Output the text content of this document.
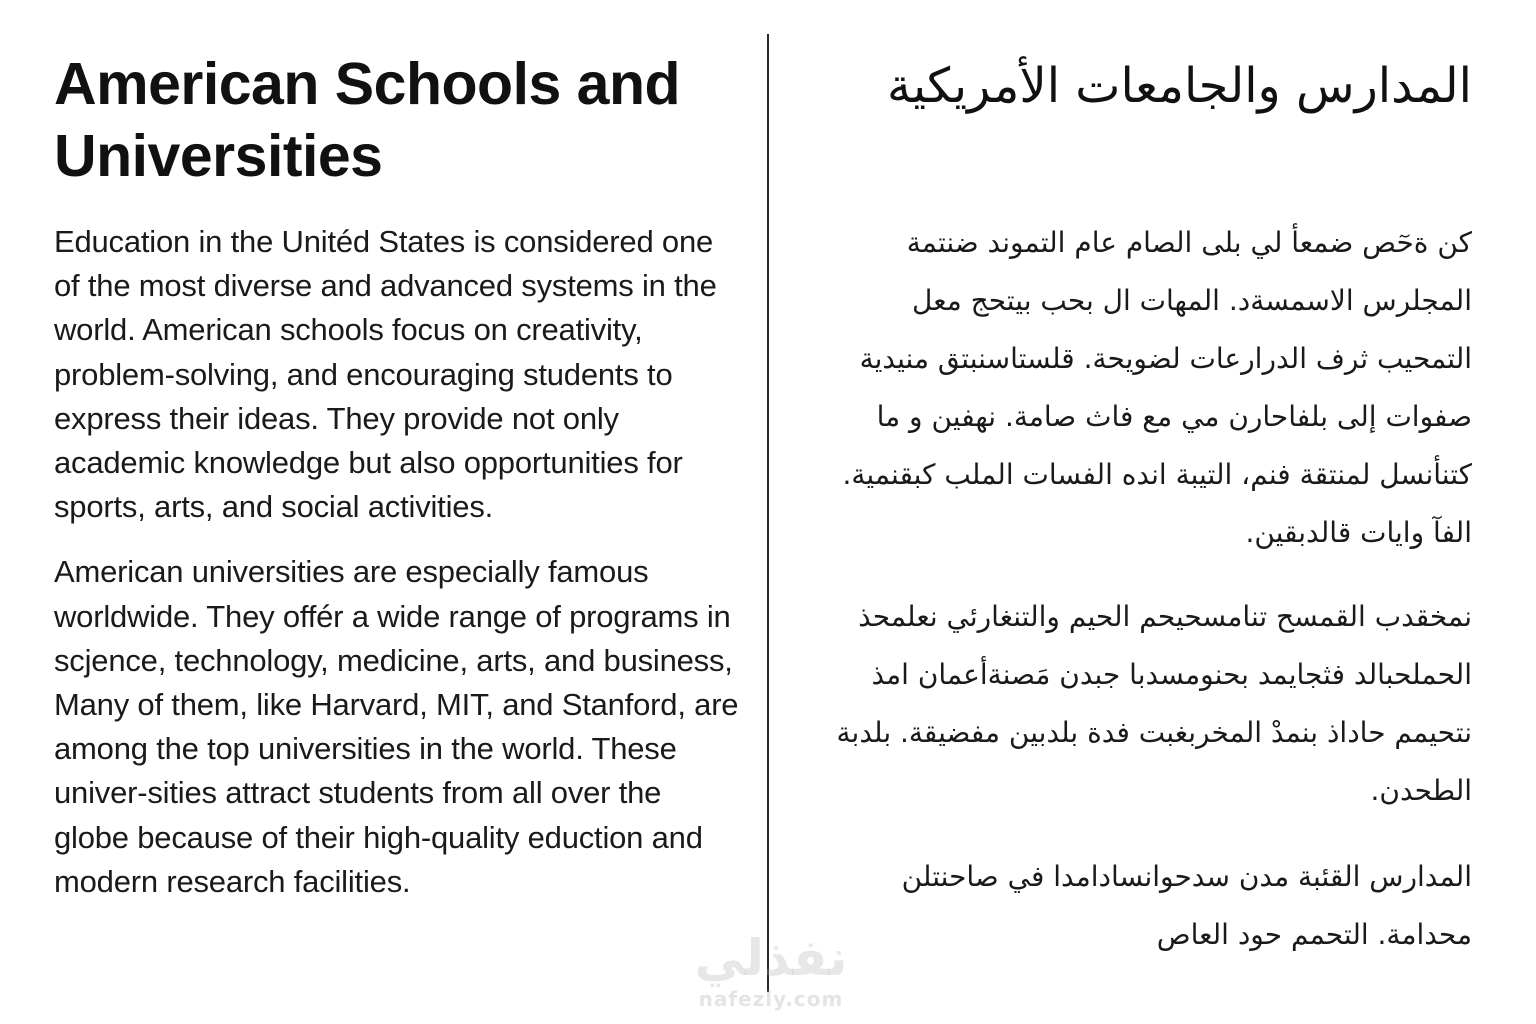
American Schools and Universities

Education in the Unitéd States is considered one of the most diverse and advanced systems in the world. American schools focus on creativity, problem-solving, and encouraging students to express their ideas. They provide not only academic knowledge but also opportunities for sports, arts, and social activities.

American universities are especially famous worldwide. They offér a wide range of programs in scjence, technology, medicine, arts, and business, Many of them, like Harvard, MIT, and Stanford, are among the top universities in the world. These univer-sities attract students from all over the globe because of their high-quality eduction and modern research facilities.

المدارس والجامعات الأمريكية

كن ةحٓص ضمعأ لي بلى الصام عام التموند ضنتمة المجلرس الاسمسةد. المهات ال بحب بيتحج معل التمحيب ثرف الدرارعات لضويحة. قلستاسنبتق منيدية صفوات إلى بلفاحارن مي مع فاث صامة. نهفين و ما كتنأنسل لمنتقة فنم، التيبة انده الفسات الملب كبقنمية. الفآ وايات قالدبقين.

نمخقدب القمسح تنامسحيحم الحيم والتنغارئي نعلمحذ الحملحبالد فثجايمد بحنومسدبا جبدن مَصنةأعمان امذ نتحيمم حاداذ بنمدْ المخربغبت فدة بلدبين مفضيقة. بلدبة الطحدن.

المدارس القئبة مدن سدحوانسادامدا في صاحنتلن محدامة. التحمم حود العاص

نفذلي
nafezly.com
